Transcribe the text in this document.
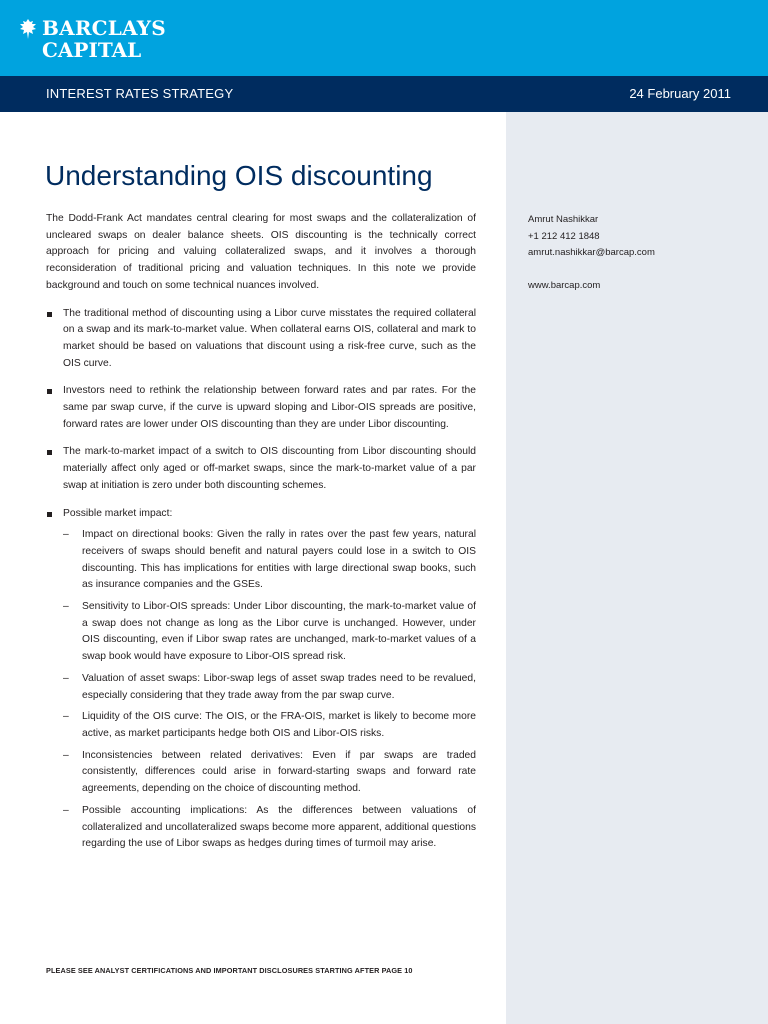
BARCLAYS
CAPITAL
INTEREST RATES STRATEGY	24 February 2011
Amrut Nashikkar
+1 212 412 1848
amrut.nashikkar@barcap.com
www.barcap.com
Understanding OIS discounting

The Dodd-Frank Act mandates central clearing for most swaps and the collateralization of uncleared swaps on dealer balance sheets. OIS discounting is the technically correct approach for pricing and valuing collateralized swaps, and it involves a thorough reconsideration of traditional pricing and valuation techniques. In this note we provide background and touch on some technical nuances involved.

The traditional method of discounting using a Libor curve misstates the required collateral on a swap and its mark-to-market value. When collateral earns OIS, collateral and mark to market should be based on valuations that discount using a risk-free curve, such as the OIS curve.
Investors need to rethink the relationship between forward rates and par rates. For the same par swap curve, if the curve is upward sloping and Libor-OIS spreads are positive, forward rates are lower under OIS discounting than they are under Libor discounting.
The mark-to-market impact of a switch to OIS discounting from Libor discounting should materially affect only aged or off-market swaps, since the mark-to-market value of a par swap at initiation is zero under both discounting schemes.
Possible market impact:
– Impact on directional books: Given the rally in rates over the past few years, natural receivers of swaps should benefit and natural payers could lose in a switch to OIS discounting. This has implications for entities with large directional swap books, such as insurance companies and the GSEs.
– Sensitivity to Libor-OIS spreads: Under Libor discounting, the mark-to-market value of a swap does not change as long as the Libor curve is unchanged. However, under OIS discounting, even if Libor swap rates are unchanged, mark-to-market values of a swap book would have exposure to Libor-OIS spread risk.
– Valuation of asset swaps: Libor-swap legs of asset swap trades need to be revalued, especially considering that they trade away from the par swap curve.
– Liquidity of the OIS curve: The OIS, or the FRA-OIS, market is likely to become more active, as market participants hedge both OIS and Libor-OIS risks.
– Inconsistencies between related derivatives: Even if par swaps are traded consistently, differences could arise in forward-starting swaps and forward rate agreements, depending on the choice of discounting method.
– Possible accounting implications: As the differences between valuations of collateralized and uncollateralized swaps become more apparent, additional questions regarding the use of Libor swaps as hedges during times of turmoil may arise.
PLEASE SEE ANALYST CERTIFICATIONS AND IMPORTANT DISCLOSURES STARTING AFTER PAGE 10
